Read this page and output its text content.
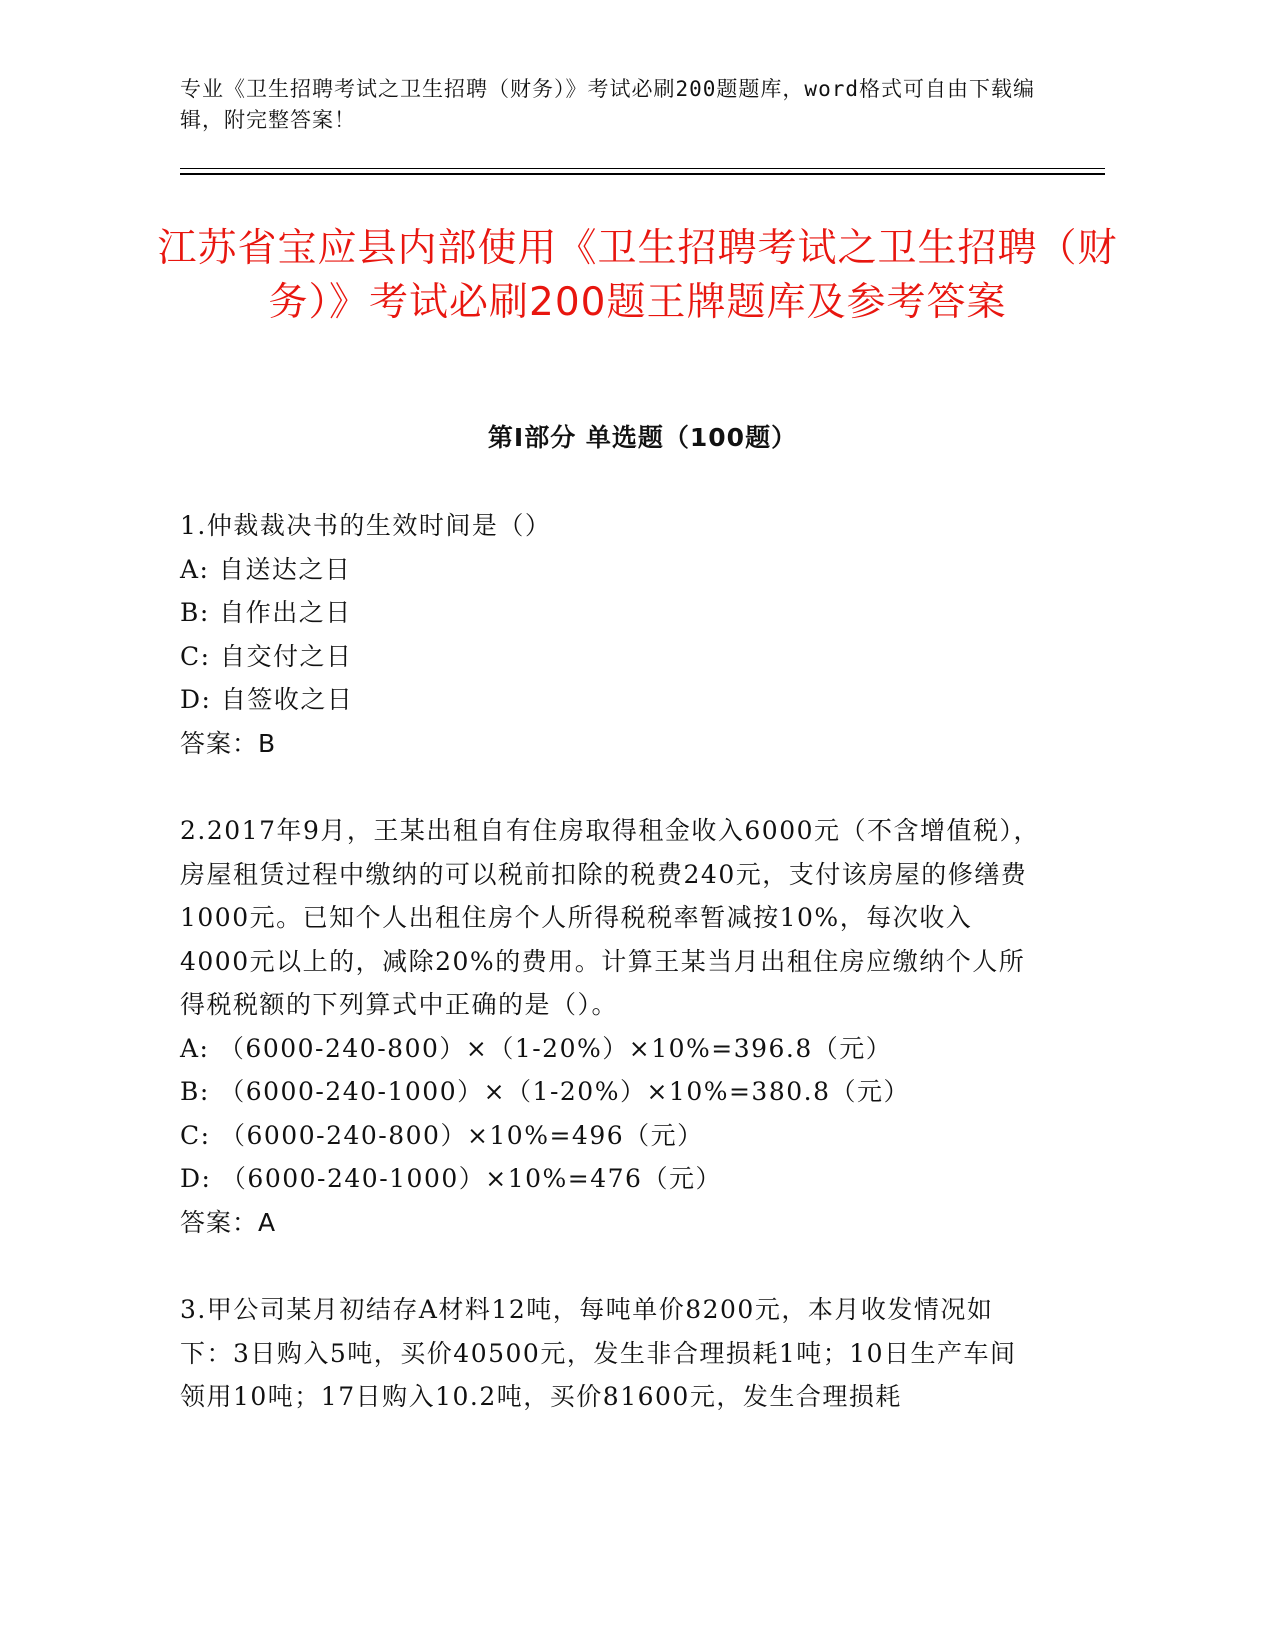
专业《卫生招聘考试之卫生招聘（财务）》考试必刷200题题库，word格式可自由下载编辑，附完整答案！
江苏省宝应县内部使用《卫生招聘考试之卫生招聘（财务）》考试必刷200题王牌题库及参考答案
第Ⅰ部分 单选题（100题）

1.仲裁裁决书的生效时间是（）

A: 自送达之日

B: 自作出之日

C: 自交付之日

D: 自签收之日

答案：B

2.2017年9月，王某出租自有住房取得租金收入6000元（不含增值税），房屋租赁过程中缴纳的可以税前扣除的税费240元，支付该房屋的修缮费1000元。已知个人出租住房个人所得税税率暂减按10%，每次收入4000元以上的，减除20%的费用。计算王某当月出租住房应缴纳个人所得税税额的下列算式中正确的是（）。

A: （6000-240-800）×（1-20%）×10%=396.8（元）

B: （6000-240-1000）×（1-20%）×10%=380.8（元）

C: （6000-240-800）×10%=496（元）

D: （6000-240-1000）×10%=476（元）

答案：A

3.甲公司某月初结存A材料12吨，每吨单价8200元，本月收发情况如下：3日购入5吨，买价40500元，发生非合理损耗1吨；10日生产车间领用10吨；17日购入10.2吨，买价81600元，发生合理损耗
